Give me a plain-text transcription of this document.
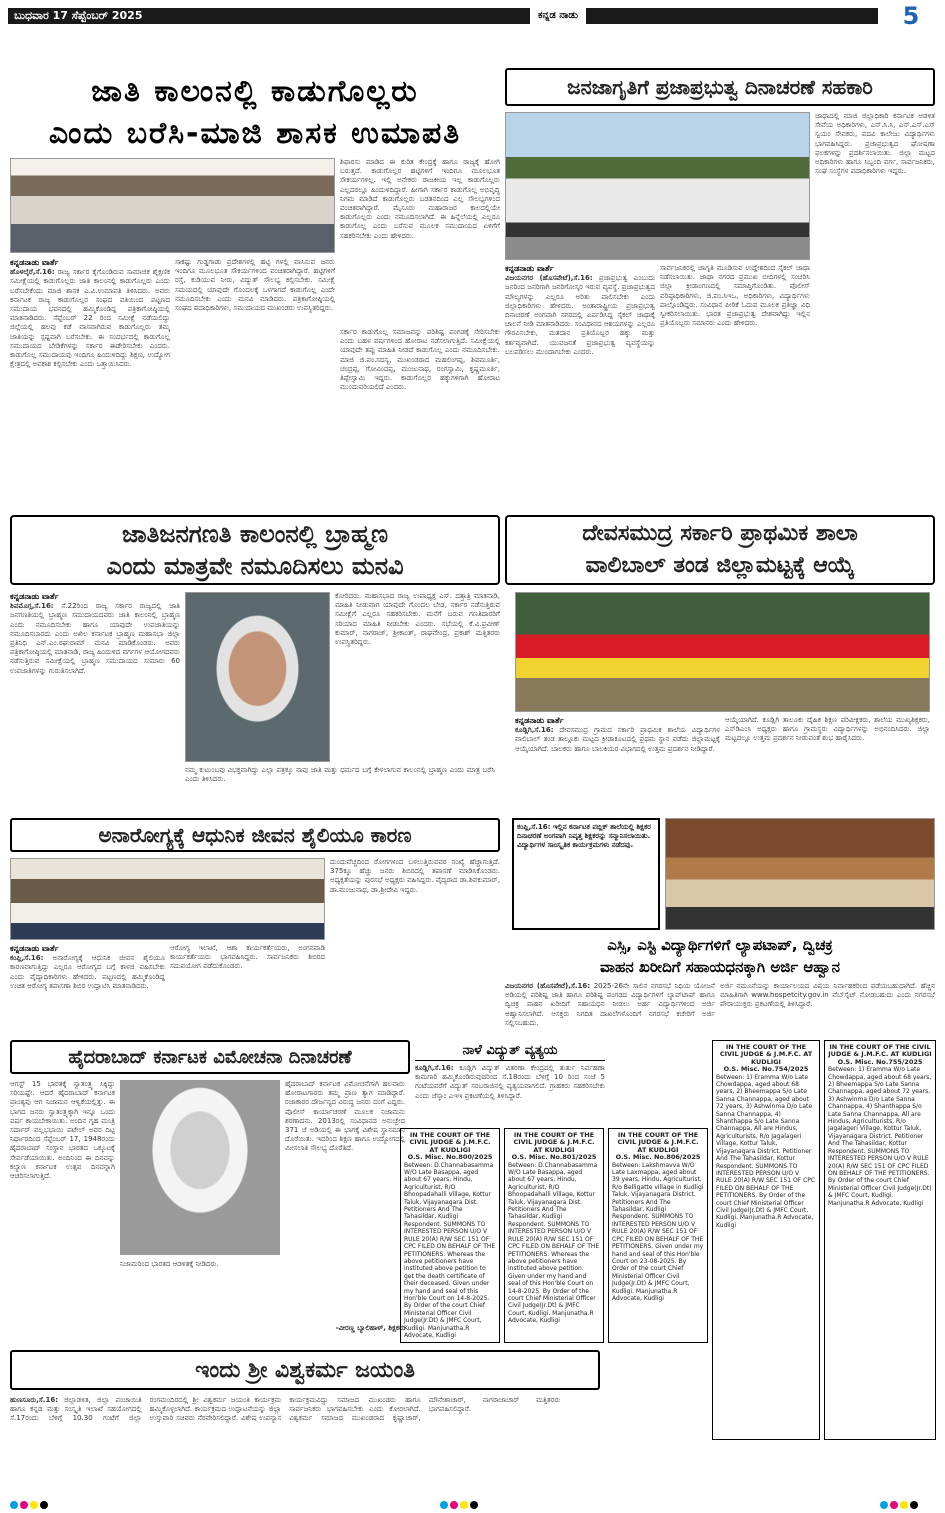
ಬುಧವಾರ 17 ಸೆಪ್ಟೆಂಬರ್ 2025	ಕನ್ನಡ ನಾಡು	5
ಜಾತಿ ಕಾಲಂನಲ್ಲಿ ಕಾಡುಗೊಲ್ಲರು
ಎಂದು ಬರೆಸಿ-ಮಾಜಿ ಶಾಸಕ ಉಮಾಪತಿ
ಕನ್ನಡನಾಡು ವಾರ್ತೆ
ಹೊಳಲ್ಕೆರೆ,ಸೆ.16: ರಾಜ್ಯ ಸರ್ಕಾರ ಕೈಗೊಂಡಿರುವ ಸಾಮಾಜಿಕ ಶೈಕ್ಷಣಿಕ ಸಮೀಕ್ಷೆಯಲ್ಲಿ ಕಾಡುಗೊಲ್ಲರು ಜಾತಿ ಕಾಲಂನಲ್ಲಿ ಕಾಡುಗೊಲ್ಲರು ಎಂದು ಬರೆಸಬೇಕೆಂದು ಮಾಜಿ ಶಾಸಕ ಎ.ವಿ.ಉಮಾಪತಿ ತಿಳಿಸಿದರು. ಅವರು ಕರ್ನಾಟಕ ರಾಜ್ಯ ಕಾಡುಗೊಲ್ಲರ ಸಂಘದ ವತಿಯಿಂದ ಪಟ್ಟಣದ ಸಮುದಾಯ ಭವನದಲ್ಲಿ ಹಮ್ಮಿಕೊಂಡಿದ್ದ ಪತ್ರಿಕಾಗೋಷ್ಠಿಯಲ್ಲಿ ಮಾತನಾಡಿದರು. ಸೆಪ್ಟೆಂಬರ್ 22 ರಿಂದ ಸಮೀಕ್ಷೆ ನಡೆಯಲಿದ್ದು ಜಿಲ್ಲೆಯಲ್ಲಿ ಹಲವು ಕಡೆ ವಾಸವಾಗಿರುವ ಕಾಡುಗೊಲ್ಲರು ತಮ್ಮ ಜಾತಿಯನ್ನು ಸ್ಪಷ್ಟವಾಗಿ ಬರೆಸಬೇಕು. ಈ ಸಂದರ್ಭದಲ್ಲಿ ಕಾಡುಗೊಲ್ಲ ಸಮುದಾಯದ ಬೇಡಿಕೆಗಳನ್ನು ಸರ್ಕಾರ ಈಡೇರಿಸಬೇಕು ಎಂದರು. ಕಾಡುಗೊಲ್ಲ ಸಮುದಾಯವು ಇಂದಿಗೂ ಹಿಂದುಳಿದಿದ್ದು ಶಿಕ್ಷಣ, ಉದ್ಯೋಗ ಕ್ಷೇತ್ರದಲ್ಲಿ ಅವಕಾಶ ಕಲ್ಪಿಸಬೇಕು ಎಂದು ಒತ್ತಾಯಿಸಿದರು.
ಸಾಕಷ್ಟು ಗುಡ್ಡಗಾಡು ಪ್ರದೇಶಗಳಲ್ಲಿ ಹಟ್ಟಿ ಗಳಲ್ಲಿ ವಾಸಿಸುವ ಜನರು ಇಂದಿಗೂ ಮೂಲಭೂತ ಸೌಕರ್ಯಗಳಿಂದ ವಂಚಿತರಾಗಿದ್ದಾರೆ. ಹಟ್ಟಿಗಳಿಗೆ ರಸ್ತೆ, ಕುಡಿಯುವ ನೀರು, ವಿದ್ಯುತ್ ಸೌಲಭ್ಯ ಕಲ್ಪಿಸಬೇಕು. ಸಮೀಕ್ಷೆ ಸಮಯದಲ್ಲಿ ಯಾವುದೇ ಗೊಂದಲಕ್ಕೆ ಒಳಗಾಗದೆ ಕಾಡುಗೊಲ್ಲ ಎಂದೇ ನಮೂದಿಸಬೇಕು ಎಂದು ಮನವಿ ಮಾಡಿದರು. ಪತ್ರಿಕಾಗೋಷ್ಠಿಯಲ್ಲಿ ಸಂಘದ ಪದಾಧಿಕಾರಿಗಳು, ಸಮುದಾಯದ ಮುಖಂಡರು ಉಪಸ್ಥಿತರಿದ್ದರು.
ಶಿಫಾರಸು ಮಾಡಿದ ಈ ಕುರಿತ ಕೇಂದ್ರಕ್ಕೆ ಹಾಗೂ ರಾಜ್ಯಕ್ಕೆ ಹೋಗಿ ಬರುತ್ತದೆ. ಕಾಡುಗೊಲ್ಲರ ಹಟ್ಟಿಗಳಿಗೆ ಇಂದಿಗೂ ಮೂಲಭೂತ ಸೌಕರ್ಯಗಳಿಲ್ಲ. ಇಲ್ಲಿ ಅನೇಕರು ರಾಜಕೀಯ ಇಲ್ಲ ಕಾಡುಗೊಲ್ಲರು ಎಲ್ಲದರಲ್ಲೂ ಹಿಂದುಳಿದಿದ್ದಾರೆ. ಹೀಗಾಗಿ ಸರ್ಕಾರ ಕಾಡುಗೊಲ್ಲ ಅಭಿವೃದ್ಧಿ ನಿಗಮ ಮಾಡಿದೆ ಕಾಡುಗೊಲ್ಲರು ಬಡತನದಿಂದ ಎಲ್ಲ ಸೌಲಭ್ಯಗಳಿಂದ ವಂಚಿತರಾಗಿದ್ದಾರೆ. ಮೈಸೂರು ಮಹಾರಾಜರ ಕಾಲದಲ್ಲಿಯೇ ಕಾಡುಗೊಲ್ಲರು ಎಂದು ನಮೂದಿಸಲಾಗಿದೆ. ಈ ಹಿನ್ನೆಲೆಯಲ್ಲಿ ಎಲ್ಲರೂ ಕಾಡುಗೊಲ್ಲ ಎಂದು ಬರೆಸುವ ಮೂಲಕ ಸಮುದಾಯದ ಏಳಿಗೆಗೆ ಸಹಕರಿಸಬೇಕು ಎಂದು ಹೇಳಿದರು.
ಸರ್ಕಾರ ಕಾಡುಗೊಲ್ಲ ಸಮಾಜವನ್ನು ಪರಿಶಿಷ್ಟ ಪಂಗಡಕ್ಕೆ ಸೇರಿಸಬೇಕು ಎಂದು ಬಹಳ ವರ್ಷಗಳಿಂದ ಹೋರಾಟ ನಡೆಸಲಾಗುತ್ತಿದೆ. ಸಮೀಕ್ಷೆಯಲ್ಲಿ ಯಾವುದೇ ತಪ್ಪು ಮಾಹಿತಿ ನೀಡದೆ ಕಾಡುಗೊಲ್ಲ ಎಂದು ನಮೂದಿಸಬೇಕು. ಮಾಜಿ ಜಿ.ಪಂ.ಸದಸ್ಯ, ಮುಖಂಡರಾದ ಮಹಲಿಂಗಪ್ಪ, ಶಿವಮೂರ್ತಿ, ಚಂದ್ರಪ್ಪ, ಗೋವಿಂದಪ್ಪ, ಮಂಜುನಾಥ, ರಂಗಸ್ವಾಮಿ, ಕೃಷ್ಣಮೂರ್ತಿ, ತಿಪ್ಪೇಸ್ವಾಮಿ ಇದ್ದರು. ಕಾಡುಗೊಲ್ಲರ ಹಕ್ಕುಗಳಿಗಾಗಿ ಹೋರಾಟ ಮುಂದುವರಿಯಲಿದೆ ಎಂದರು.
ಜನಜಾಗೃತಿಗೆ ಪ್ರಜಾಪ್ರಭುತ್ವ ದಿನಾಚರಣೆ ಸಹಕಾರಿ
ಕನ್ನಡನಾಡು ವಾರ್ತೆ
ವಿಜಯನಗರ (ಹೊಸಪೇಟೆ),ಸೆ.16: ಪ್ರಜಾಪ್ರಭುತ್ವ ಎಂಬುದು ಜನರಿಂದ ಜನರಿಗಾಗಿ ಜನರಿಗೋಸ್ಕರ ಇರುವ ವ್ಯವಸ್ಥೆ. ಪ್ರಜಾಪ್ರಭುತ್ವದ ಮೌಲ್ಯಗಳನ್ನು ಎಲ್ಲರೂ ಅರಿತು ಪಾಲಿಸಬೇಕು ಎಂದು ಜಿಲ್ಲಾಧಿಕಾರಿಗಳು ಹೇಳಿದರು. ಅಂತಾರಾಷ್ಟ್ರೀಯ ಪ್ರಜಾಪ್ರಭುತ್ವ ದಿನಾಚರಣೆ ಅಂಗವಾಗಿ ನಗರದಲ್ಲಿ ಏರ್ಪಡಿಸಿದ್ದ ಸೈಕಲ್ ಜಾಥಾಕ್ಕೆ ಚಾಲನೆ ನೀಡಿ ಮಾತನಾಡಿದರು. ಸಂವಿಧಾನದ ಆಶಯಗಳನ್ನು ಎಲ್ಲರೂ ಗೌರವಿಸಬೇಕು, ಮತದಾನ ಪ್ರತಿಯೊಬ್ಬರ ಹಕ್ಕು ಮತ್ತು ಕರ್ತವ್ಯವಾಗಿದೆ. ಯುವಜನತೆ ಪ್ರಜಾಪ್ರಭುತ್ವ ವ್ಯವಸ್ಥೆಯನ್ನು ಬಲಪಡಿಸಲು ಮುಂದಾಗಬೇಕು ಎಂದರು.
ಸಾರ್ವಜನಿಕರಲ್ಲಿ ಜಾಗೃತಿ ಮೂಡಿಸುವ ಉದ್ದೇಶದಿಂದ ಸೈಕಲ್ ಜಾಥಾ ನಡೆಸಲಾಯಿತು. ಜಾಥಾ ನಗರದ ಪ್ರಮುಖ ಬೀದಿಗಳಲ್ಲಿ ಸಂಚರಿಸಿ ಜಿಲ್ಲಾ ಕ್ರೀಡಾಂಗಣದಲ್ಲಿ ಸಮಾಪ್ತಿಗೊಂಡಿತು. ಪೊಲೀಸ್ ವರಿಷ್ಠಾಧಿಕಾರಿಗಳು, ಜಿ.ಪಂ.ಸಿಇಒ, ಅಧಿಕಾರಿಗಳು, ವಿದ್ಯಾರ್ಥಿಗಳು ಪಾಲ್ಗೊಂಡಿದ್ದರು. ಸಂವಿಧಾನ ಪೀಠಿಕೆ ಓದುವ ಮೂಲಕ ಪ್ರತಿಜ್ಞಾ ವಿಧಿ ಸ್ವೀಕರಿಸಲಾಯಿತು. ಭಾರತ ಪ್ರಜಾಪ್ರಭುತ್ವ ದೇಶವಾಗಿದ್ದು ಇಲ್ಲಿನ ಪ್ರತಿಯೊಬ್ಬರು ಸಮಾನರು ಎಂದು ಹೇಳಿದರು.
ಜಾಥಾದಲ್ಲಿ ಮಾಜಿ ಜಿಲ್ಲಾಧಿಕಾರಿ ಕರ್ನಾಟಕ ಆಡಳಿತ ಸೇವೆಯ ಅಧಿಕಾರಿಗಳು, ಎನ್.ಸಿ.ಸಿ, ಎನ್.ಎಸ್.ಎಸ್ ಸ್ವಯಂ ಸೇವಕರು, ಪದವಿ ಕಾಲೇಜು ವಿದ್ಯಾರ್ಥಿಗಳು ಭಾಗವಹಿಸಿದ್ದರು. ಪ್ರಜಾಪ್ರಭುತ್ವದ ಘೋಷಣಾ ಫಲಕಗಳನ್ನು ಪ್ರದರ್ಶಿಸಲಾಯಿತು. ಜಿಲ್ಲಾ ಮಟ್ಟದ ಅಧಿಕಾರಿಗಳು ಹಾಗೂ ಸಿಬ್ಬಂದಿ ವರ್ಗ, ಸಾರ್ವಜನಿಕರು, ಸಂಘ ಸಂಸ್ಥೆಗಳ ಪದಾಧಿಕಾರಿಗಳು ಇದ್ದರು.
ಜಾತಿಜನಗಣತಿ ಕಾಲಂನಲ್ಲಿ ಬ್ರಾಹ್ಮಣ
ಎಂದು ಮಾತ್ರವೇ ನಮೂದಿಸಲು ಮನವಿ
ಕನ್ನಡನಾಡು ವಾರ್ತೆ
ಶಿವಮೊಗ್ಗ,ಸೆ.16: ಸೆ.22ರಿಂದ ರಾಜ್ಯ ಸರ್ಕಾರ ರಾಜ್ಯದಲ್ಲಿ ಜಾತಿ ಜನಗಣತಿಯಲ್ಲಿ ಬ್ರಾಹ್ಮಣ ಸಮುದಾಯದವರು ಜಾತಿ ಕಾಲಂನಲ್ಲಿ ಬ್ರಾಹ್ಮಣ ಎಂದು ನಮೂದಿಸಬೇಕು ಹಾಗೂ ಯಾವುದೇ ಉಪಜಾತಿಯನ್ನು ನಮೂದಿಸಬಾರದು ಎಂದು ಅಖಿಲ ಕರ್ನಾಟಕ ಬ್ರಾಹ್ಮಣ ಮಹಾಸಭಾ ಜಿಲ್ಲಾ ಪ್ರತಿನಿಧಿ ಎನ್.ಎಂ.ರಘುರಾಮ್ ಮನವಿ ಮಾಡಿಕೊಂಡರು. ಅವರು ಪತ್ರಿಕಾಗೋಷ್ಠಿಯಲ್ಲಿ ಮಾತನಾಡಿ, ರಾಜ್ಯ ಹಿಂದುಳಿದ ವರ್ಗಗಳ ಆಯೋಗದವರು ನಡೆಸುತ್ತಿರುವ ಸಮೀಕ್ಷೆಯಲ್ಲಿ ಬ್ರಾಹ್ಮಣ ಸಮುದಾಯದ ಸುಮಾರು 60 ಉಪಜಾತಿಗಳನ್ನು ಗುರುತಿಸಲಾಗಿದೆ.
ನಮ್ಮ ಕುಟುಂಬವು ವಿಭಕ್ತವಾಗಿದ್ದು ಎಲ್ಲಾ ಪತ್ರಕ್ಕೂ ನಾವು ಜಾತಿ ಮತ್ತು ಧರ್ಮದ ಬಗ್ಗೆ ಕೇಳಲಾಗುವ ಕಾಲಂನಲ್ಲಿ ಬ್ರಾಹ್ಮಣ ಎಂದು ಮಾತ್ರ ಬರೆಸಿ ಎಂದು ತಿಳಿಸಿದರು.
ಕೋರಿದರು. ಮಹಾಸಭಾದ ರಾಜ್ಯ ಉಪಾಧ್ಯಕ್ಷ ಎಸ್. ದತ್ತಾತ್ರಿ ಮಾತನಾಡಿ, ಮಾಹಿತಿ ನೀಡುವಾಗ ಯಾವುದೇ ಗೊಂದಲ ಬೇಡ, ಸರ್ಕಾರ ನಡೆಸುತ್ತಿರುವ ಸಮೀಕ್ಷೆಗೆ ಎಲ್ಲರೂ ಸಹಕರಿಸಬೇಕು. ಮನೆಗೆ ಬರುವ ಗಣತಿದಾರರಿಗೆ ಸರಿಯಾದ ಮಾಹಿತಿ ನೀಡಬೇಕು ಎಂದರು. ಸಭೆಯಲ್ಲಿ ಕೆ.ವಿ.ಪ್ರವೀಣ್ ಕುಮಾರ್, ನಾಗರಾಜ್, ಶ್ರೀಕಾಂತ್, ರಾಘವೇಂದ್ರ, ಪ್ರಕಾಶ್ ಮತ್ತಿತರರು ಉಪಸ್ಥಿತರಿದ್ದರು.
ದೇವಸಮುದ್ರ ಸರ್ಕಾರಿ ಪ್ರಾಥಮಿಕ ಶಾಲಾ
ವಾಲಿಬಾಲ್ ತಂಡ ಜಿಲ್ಲಾಮಟ್ಟಕ್ಕೆ ಆಯ್ಕೆ
ಕನ್ನಡನಾಡು ವಾರ್ತೆ
ಕೂಡ್ಲಿಗಿ,ಸೆ.16: ದೇವಸಮುದ್ರ ಗ್ರಾಮದ ಸರ್ಕಾರಿ ಪ್ರಾಥಮಿಕ ಶಾಲೆಯ ವಿದ್ಯಾರ್ಥಿಗಳ ವಾಲಿಬಾಲ್ ತಂಡ ತಾಲ್ಲೂಕು ಮಟ್ಟದ ಕ್ರೀಡಾಕೂಟದಲ್ಲಿ ಪ್ರಥಮ ಸ್ಥಾನ ಪಡೆದು ಜಿಲ್ಲಾಮಟ್ಟಕ್ಕೆ ಆಯ್ಕೆಯಾಗಿದೆ. ಬಾಲಕರು ಹಾಗೂ ಬಾಲಕಿಯರ ವಿಭಾಗದಲ್ಲಿ ಉತ್ತಮ ಪ್ರದರ್ಶನ ನೀಡಿದ್ದಾರೆ.
ಆಯ್ಕೆಯಾಗಿದೆ. ಕೂಡ್ಲಿಗಿ ತಾಲೂಕು ದೈಹಿಕ ಶಿಕ್ಷಣ ಪರಿವೀಕ್ಷಕರು, ಶಾಲೆಯ ಮುಖ್ಯಶಿಕ್ಷಕರು, ಎಸ್‌ಡಿಎಂಸಿ ಅಧ್ಯಕ್ಷರು ಹಾಗೂ ಗ್ರಾಮಸ್ಥರು ವಿದ್ಯಾರ್ಥಿಗಳನ್ನು ಅಭಿನಂದಿಸಿದರು. ಜಿಲ್ಲಾ ಮಟ್ಟದಲ್ಲೂ ಉತ್ತಮ ಪ್ರದರ್ಶನ ನೀಡುವಂತೆ ಶುಭ ಹಾರೈಸಿದರು.
ಅನಾರೋಗ್ಯಕ್ಕೆ ಆಧುನಿಕ ಜೀವನ ಶೈಲಿಯೂ ಕಾರಣ
ಕನ್ನಡನಾಡು ವಾರ್ತೆ
ಕಂಪ್ಲಿ,ಸೆ.16: ಅನಾರೋಗ್ಯಕ್ಕೆ ಆಧುನಿಕ ಜೀವನ ಶೈಲಿಯೂ ಕಾರಣವಾಗುತ್ತಿದ್ದು ಎಲ್ಲರೂ ಆರೋಗ್ಯದ ಬಗ್ಗೆ ಕಾಳಜಿ ವಹಿಸಬೇಕು ಎಂದು ವೈದ್ಯಾಧಿಕಾರಿಗಳು ಹೇಳಿದರು. ಪಟ್ಟಣದಲ್ಲಿ ಹಮ್ಮಿಕೊಂಡಿದ್ದ ಉಚಿತ ಆರೋಗ್ಯ ತಪಾಸಣಾ ಶಿಬಿರ ಉದ್ಘಾಟಿಸಿ ಮಾತನಾಡಿದರು.
ಆರೋಗ್ಯ ಇಲಾಖೆ, ಆಶಾ ಕಾರ್ಯಕರ್ತೆಯರು, ಅಂಗನವಾಡಿ ಕಾರ್ಯಕರ್ತೆಯರು ಭಾಗವಹಿಸಿದ್ದರು. ಸಾರ್ವಜನಿಕರು ಶಿಬಿರದ ಸದುಪಯೋಗ ಪಡೆದುಕೊಂಡರು.
ದುಂದುವೆಚ್ಚದಿಂದ ರೋಗಗಳಿಂದ ಬಳಲುತ್ತಿರುವವರ ಸಂಖ್ಯೆ ಹೆಚ್ಚಾಗುತ್ತಿದೆ. 375ಕ್ಕೂ ಹೆಚ್ಚು ಜನರು ಶಿಬಿರದಲ್ಲಿ ತಪಾಸಣೆ ಮಾಡಿಸಿಕೊಂಡರು. ಅಧ್ಯಕ್ಷತೆಯನ್ನು ಪುರಸಭೆ ಅಧ್ಯಕ್ಷರು ವಹಿಸಿದ್ದರು. ವೈದ್ಯರಾದ ಡಾ.ಶಿವಕುಮಾರ್, ಡಾ.ಮಂಜುನಾಥ, ಡಾ.ಶ್ರೀದೇವಿ ಇದ್ದರು.
ಕಂಪ್ಲಿ,ಸೆ.16: ಇಲ್ಲಿನ ಕರ್ನಾಟಕ ಪಬ್ಲಿಕ್ ಶಾಲೆಯಲ್ಲಿ ಶಿಕ್ಷಕರ ದಿನಾಚರಣೆ ಅಂಗವಾಗಿ ನಿವೃತ್ತ ಶಿಕ್ಷಕರನ್ನು ಸನ್ಮಾನಿಸಲಾಯಿತು. ವಿದ್ಯಾರ್ಥಿಗಳ ಸಾಂಸ್ಕೃತಿಕ ಕಾರ್ಯಕ್ರಮಗಳು ನಡೆದವು.
ಎಸ್ಸಿ, ಎಸ್ಟಿ ವಿದ್ಯಾರ್ಥಿಗಳಿಗೆ ಲ್ಯಾಪಟಾಪ್, ದ್ವಿಚಕ್ರ
ವಾಹನ ಖರೀದಿಗೆ ಸಹಾಯಧನಕ್ಕಾಗಿ ಅರ್ಜಿ ಆಹ್ವಾನ
ವಿಜಯನಗರ (ಹೊಸಪೇಟೆ),ಸೆ.16: 2025-26ನೇ ಸಾಲಿನ ನಗರಸಭೆ ನಿಧಿಯ ಯೋಜನೆ ಅಡಿಯಲ್ಲಿ ಪರಿಶಿಷ್ಟ ಜಾತಿ ಹಾಗೂ ಪರಿಶಿಷ್ಟ ಪಂಗಡದ ವಿದ್ಯಾರ್ಥಿಗಳಿಗೆ ಲ್ಯಾಪ್‌ಟಾಪ್ ಹಾಗೂ ದ್ವಿಚಕ್ರ ವಾಹನ ಖರೀದಿಗೆ ಸಹಾಯಧನ ನೀಡಲು ಅರ್ಹ ವಿದ್ಯಾರ್ಥಿಗಳಿಂದ ಅರ್ಜಿ ಆಹ್ವಾನಿಸಲಾಗಿದೆ. ಆಸಕ್ತರು ನಿಗದಿತ ದಾಖಲೆಗಳೊಂದಿಗೆ ನಗರಸಭೆ ಕಚೇರಿಗೆ ಅರ್ಜಿ ಸಲ್ಲಿಸಬಹುದು.
ಅರ್ಜಿ ನಮೂನೆಯನ್ನು ಕಾರ್ಯಾಲಯದ ವಿಷಯ ನಿರ್ವಾಹಕರಿಂದ ಪಡೆಯಬಹುದಾಗಿದೆ. ಹೆಚ್ಚಿನ ಮಾಹಿತಿಗಾಗಿ www.hospetcity.gov.in ವೆಬ್‌ಸೈಟ್ ನೋಡಬಹುದು ಎಂದು ನಗರಸಭೆ ಪೌರಾಯುಕ್ತರು ಪ್ರಕಟಣೆಯಲ್ಲಿ ತಿಳಿಸಿದ್ದಾರೆ.
ಹೈದರಾಬಾದ್ ಕರ್ನಾಟಕ ವಿಮೋಚನಾ ದಿನಾಚರಣೆ
ಆಗಸ್ಟ್ 15 ಭಾರತಕ್ಕೆ ಸ್ವಾತಂತ್ರ್ಯ ಸಿಕ್ಕಿದ್ದು ಸರಿಯಷ್ಟೇ. ಆದರೆ ಹೈದರಾಬಾದ್ ಕರ್ನಾಟಕ ಪ್ರಾಂತ್ಯವು ಆಗ ನಿಜಾಮನ ಆಳ್ವಿಕೆಯಲ್ಲಿತ್ತು. ಈ ಭಾಗದ ಜನರು ಸ್ವಾತಂತ್ರ್ಯಕ್ಕಾಗಿ ಇನ್ನೂ ಒಂದು ವರ್ಷ ಕಾಯಬೇಕಾಯಿತು. ಅಂದಿನ ಗೃಹ ಮಂತ್ರಿ ಸರ್ದಾರ್ ವಲ್ಲಭಭಾಯಿ ಪಟೇಲ್ ಅವರ ದಿಟ್ಟ ನಿರ್ಧಾರದಿಂದ ಸೆಪ್ಟೆಂಬರ್ 17, 1948ರಂದು ಹೈದರಾಬಾದ್ ಸಂಸ್ಥಾನ ಭಾರತದ ಒಕ್ಕೂಟಕ್ಕೆ ಸೇರ್ಪಡೆಯಾಯಿತು. ಅಂದಿನಿಂದ ಈ ದಿನವನ್ನು ಕಲ್ಯಾಣ ಕರ್ನಾಟಕ ಉತ್ಸವ ದಿನವನ್ನಾಗಿ ಆಚರಿಸಲಾಗುತ್ತಿದೆ.
ನಿಜಾಮರಿಂದ ಭಾರತದ ಆಡಳಿತಕ್ಕೆ ನೀಡಿದರು.
ಹೈದರಾಬಾದ್ ಕರ್ನಾಟಕ ವಿಮೋಚನೆಗಾಗಿ ಹಲವಾರು ಹೋರಾಟಗಾರರು ತಮ್ಮ ಪ್ರಾಣ ತ್ಯಾಗ ಮಾಡಿದ್ದಾರೆ. ರಜಾಕಾರರ ದೌರ್ಜನ್ಯದ ವಿರುದ್ಧ ಜನರು ದಂಗೆ ಎದ್ದರು. ಪೊಲೀಸ್ ಕಾರ್ಯಾಚರಣೆ ಮೂಲಕ ನಿಜಾಮನು ಶರಣಾದನು. 2013ರಲ್ಲಿ ಸಂವಿಧಾನದ ಅನುಚ್ಛೇದ 371 ಜೆ ಅಡಿಯಲ್ಲಿ ಈ ಭಾಗಕ್ಕೆ ವಿಶೇಷ ಸ್ಥಾನಮಾನ ದೊರೆಯಿತು. ಇದರಿಂದ ಶಿಕ್ಷಣ ಹಾಗೂ ಉದ್ಯೋಗದಲ್ಲಿ ಮೀಸಲಾತಿ ಸೌಲಭ್ಯ ದೊರೆತಿದೆ.
-ವೀರಣ್ಣ ಬ್ಯಾಲಿಹಾಳ್, ಶಿಕ್ಷಕರು
ನಾಳೆ ವಿದ್ಯುತ್ ವ್ಯತ್ಯಯ
ಕೂಡ್ಲಿಗಿ,ಸೆ.16: ಕೂಡ್ಲಿಗಿ ವಿದ್ಯುತ್ ವಿತರಣಾ ಕೇಂದ್ರದಲ್ಲಿ ತುರ್ತು ನಿರ್ವಹಣಾ ಕಾಮಗಾರಿ ಹಮ್ಮಿಕೊಂಡಿರುವುದರಿಂದ ಸೆ.18ರಂದು ಬೆಳಿಗ್ಗೆ 10 ರಿಂದ ಸಂಜೆ 5 ಗಂಟೆಯವರೆಗೆ ವಿದ್ಯುತ್ ಸರಬರಾಜಿನಲ್ಲಿ ವ್ಯತ್ಯಯವಾಗಲಿದೆ. ಗ್ರಾಹಕರು ಸಹಕರಿಸಬೇಕು ಎಂದು ಜೆಸ್ಕಾಂ ಎಇಇ ಪ್ರಕಟಣೆಯಲ್ಲಿ ತಿಳಿಸಿದ್ದಾರೆ.
IN THE COURT OF THE CIVIL JUDGE & J.M.F.C. AT KUDLIGI
O.S. Misc. No.800/2025
Between: D.Channabasamma W/O Late Basappa, aged about 67 years, Hindu, Agriculturist, R/O Bhoopadahalli Village, Kottur Taluk, Vijayanagara Dist. Petitioners And The Tahasildar, Kudligi Respondent. SUMMONS TO INTERESTED PERSON U/O V RULE 20(A) R/W SEC 151 OF CPC FILED ON BEHALF OF THE PETITIONERS. Whereas the above petitioners have instituted above petition to get the death certificate of their deceased. Given under my hand and seal of this Hon'ble Court on 14-8-2025. By Order of the court Chief Ministerial Officer Civil Judge(Jr.Dt) & JMFC Court, Kudligi. Manjunatha.R Advocate, Kudligi
IN THE COURT OF THE CIVIL JUDGE & J.M.F.C. AT KUDLIGI
O.S. Misc. No.801/2025
Between: D.Channabasamma W/O Late Basappa, aged about 67 years, Hindu, Agriculturist, R/O Bhoopadahalli Village, Kottur Taluk, Vijayanagara Dist. Petitioners And The Tahasildar, Kudligi Respondent. SUMMONS TO INTERESTED PERSON U/O V RULE 20(A) R/W SEC 151 OF CPC FILED ON BEHALF OF THE PETITIONERS. Whereas the above petitioners have instituted above petition. Given under my hand and seal of this Hon'ble Court on 14-8-2025. By Order of the court Chief Ministerial Officer Civil Judge(Jr.Dt) & JMFC Court, Kudligi. Manjunatha.R Advocate, Kudligi
IN THE COURT OF THE CIVIL JUDGE & J.M.F.C. AT KUDLIGI
O.S. Misc. No.806/2025
Between: Lakshmavva W/O Late Laxmappa, aged about 39 years, Hindu, Agriculturist, R/o Belligatte village in Kudligi Taluk, Vijayanagara District. Petitioners And The Tahasildar, Kudligi Respondent. SUMMONS TO INTERESTED PERSON U/O V RULE 20(A) R/W SEC 151 OF CPC FILED ON BEHALF OF THE PETITIONERS. Given under my hand and seal of this Hon'ble Court on 23-08-2025. By Order of the court Chief Ministerial Officer Civil Judge(Jr.Dt) & JMFC Court, Kudligi. Manjunatha.R Advocate, Kudligi
IN THE COURT OF THE CIVIL JUDGE & J.M.F.C. AT KUDLIGI
O.S. Misc. No.754/2025
Between: 1) Eramma W/o Late Chowdappa, aged about 68 years, 2) Bheemappa S/o Late Sanna Channappa, aged about 72 years, 3) Ashwinma D/o Late Sanna Channappa, 4) Shanthappa S/o Late Sanna Channappa, All are Hindus, Agriculturists, R/o Jagalageri Village, Kottur Taluk, Vijayanagara District. Petitioner And The Tahasildar, Kottur Respondent. SUMMONS TO INTERESTED PERSON U/O V RULE 20(A) R/W SEC 151 OF CPC FILED ON BEHALF OF THE PETITIONERS. By Order of the court Chief Ministerial Officer Civil Judge(Jr.Dt) & JMFC Court, Kudligi. Manjunatha.R Advocate, Kudligi
IN THE COURT OF THE CIVIL JUDGE & J.M.F.C. AT KUDLIGI
O.S. Misc. No.755/2025
Between: 1) Eramma W/o Late Chowdappa, aged about 68 years, 2) Bheemappa S/o Late Sanna Channappa, aged about 72 years, 3) Ashwinma D/o Late Sanna Channappa, 4) Shanthappa S/o Late Sanna Channappa, All are Hindus, Agriculturists, R/o Jagalageri Village, Kottur Taluk, Vijayanagara District. Petitioner And The Tahasildar, Kottur Respondent. SUMMONS TO INTERESTED PERSON U/O V RULE 20(A) R/W SEC 151 OF CPC FILED ON BEHALF OF THE PETITIONERS. By Order of the court Chief Ministerial Officer Civil Judge(Jr.Dt) & JMFC Court, Kudligi. Manjunatha.R Advocate, Kudligi
ಇಂದು ಶ್ರೀ ವಿಶ್ವಕರ್ಮ ಜಯಂತಿ
ಹುಣಸೂರು,ಸೆ.16: ಜಿಲ್ಲಾಡಳಿತ, ಜಿಲ್ಲಾ ಪಂಚಾಯಿತಿ ಹಾಗೂ ಕನ್ನಡ ಮತ್ತು ಸಂಸ್ಕೃತಿ ಇಲಾಖೆ ಸಹಯೋಗದಲ್ಲಿ ಸೆ.17ರಂದು ಬೆಳಿಗ್ಗೆ 10.30 ಗಂಟೆಗೆ ಜಿಲ್ಲಾ ರಂಗಮಂದಿರದಲ್ಲಿ ಶ್ರೀ ವಿಶ್ವಕರ್ಮ ಜಯಂತಿ ಕಾರ್ಯಕ್ರಮ ಹಮ್ಮಿಕೊಳ್ಳಲಾಗಿದೆ. ಕಾರ್ಯಕ್ರಮದ ಉದ್ಘಾಟನೆಯನ್ನು ಜಿಲ್ಲಾ ಉಸ್ತುವಾರಿ ಸಚಿವರು ನೆರವೇರಿಸಲಿದ್ದಾರೆ. ವಿಶೇಷ ಉಪನ್ಯಾಸ ಕಾರ್ಯಕ್ರಮವಿದ್ದು ಸಮಾಜದ ಮುಖಂಡರು ಹಾಗೂ ಸಾರ್ವಜನಿಕರು ಭಾಗವಹಿಸಬೇಕು ಎಂದು ಕೋರಲಾಗಿದೆ. ವಿಶ್ವಕರ್ಮ ಸಮಾಜದ ಮುಖಂಡರಾದ ಕೃಷ್ಣಾಚಾರ್, ಮೌನೇಶಾಚಾರ್, ನಾಗರಾಜಾಚಾರ್ ಮತ್ತಿತರರು ಭಾಗವಹಿಸಲಿದ್ದಾರೆ.
